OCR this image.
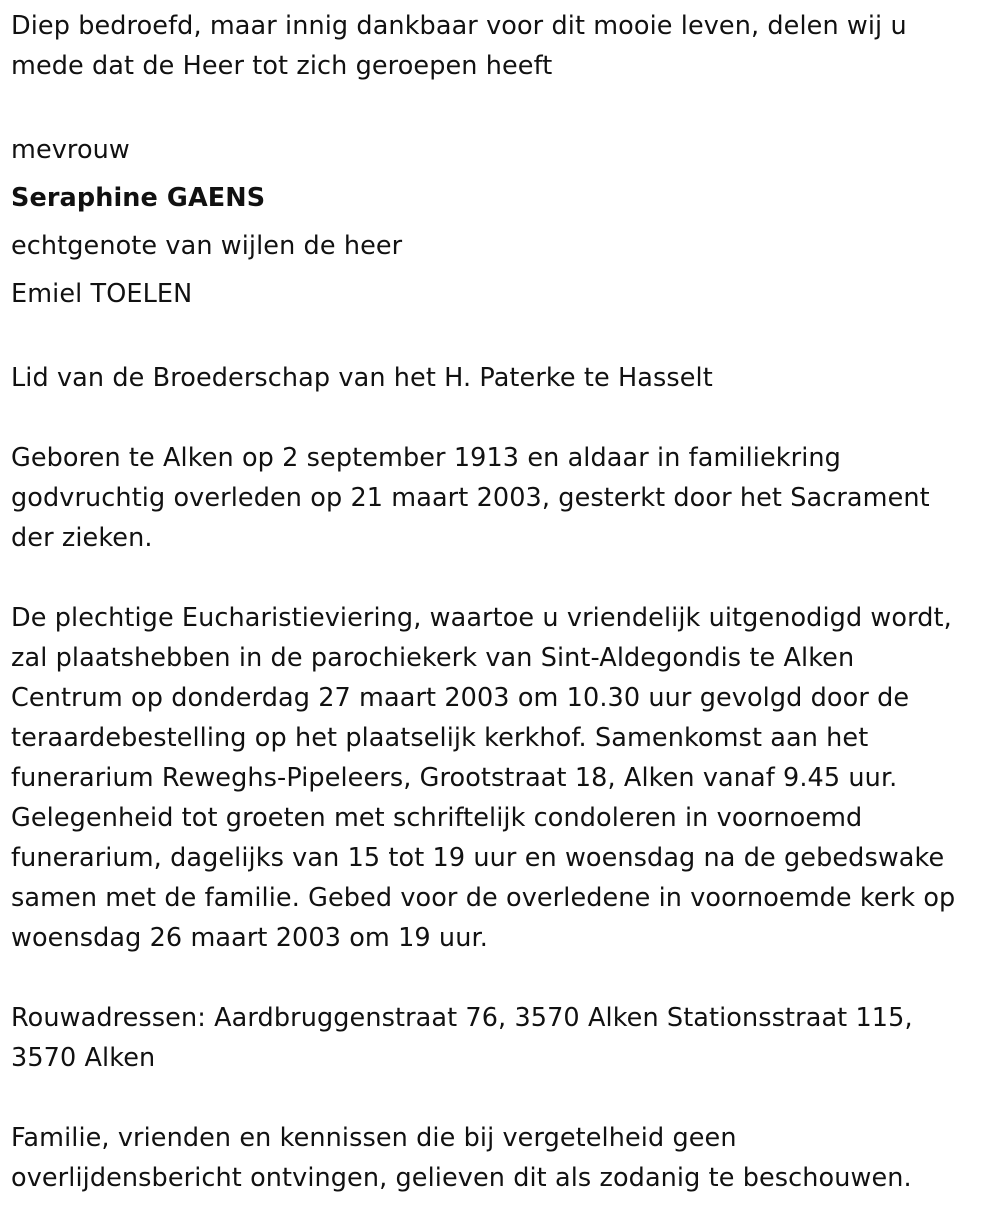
Diep bedroefd, maar innig dankbaar voor dit mooie leven, delen wij u
mede dat de Heer tot zich geroepen heeft
mevrouw
Seraphine GAENS
echtgenote van wijlen de heer
Emiel TOELEN
Lid van de Broederschap van het H. Paterke te Hasselt
Geboren te Alken op 2 september 1913 en aldaar in familiekring
godvruchtig overleden op 21 maart 2003, gesterkt door het Sacrament
der zieken.
De plechtige Eucharistieviering, waartoe u vriendelijk uitgenodigd wordt,
zal plaatshebben in de parochiekerk van Sint-Aldegondis te Alken
Centrum op donderdag 27 maart 2003 om 10.30 uur gevolgd door de
teraardebestelling op het plaatselijk kerkhof. Samenkomst aan het
funerarium Reweghs-Pipeleers, Grootstraat 18, Alken vanaf 9.45 uur.
Gelegenheid tot groeten met schriftelijk condoleren in voornoemd
funerarium, dagelijks van 15 tot 19 uur en woensdag na de gebedswake
samen met de familie. Gebed voor de overledene in voornoemde kerk op
woensdag 26 maart 2003 om 19 uur.
Rouwadressen: Aardbruggenstraat 76, 3570 Alken Stationsstraat 115,
3570 Alken
Familie, vrienden en kennissen die bij vergetelheid geen
overlijdensbericht ontvingen, gelieven dit als zodanig te beschouwen.
